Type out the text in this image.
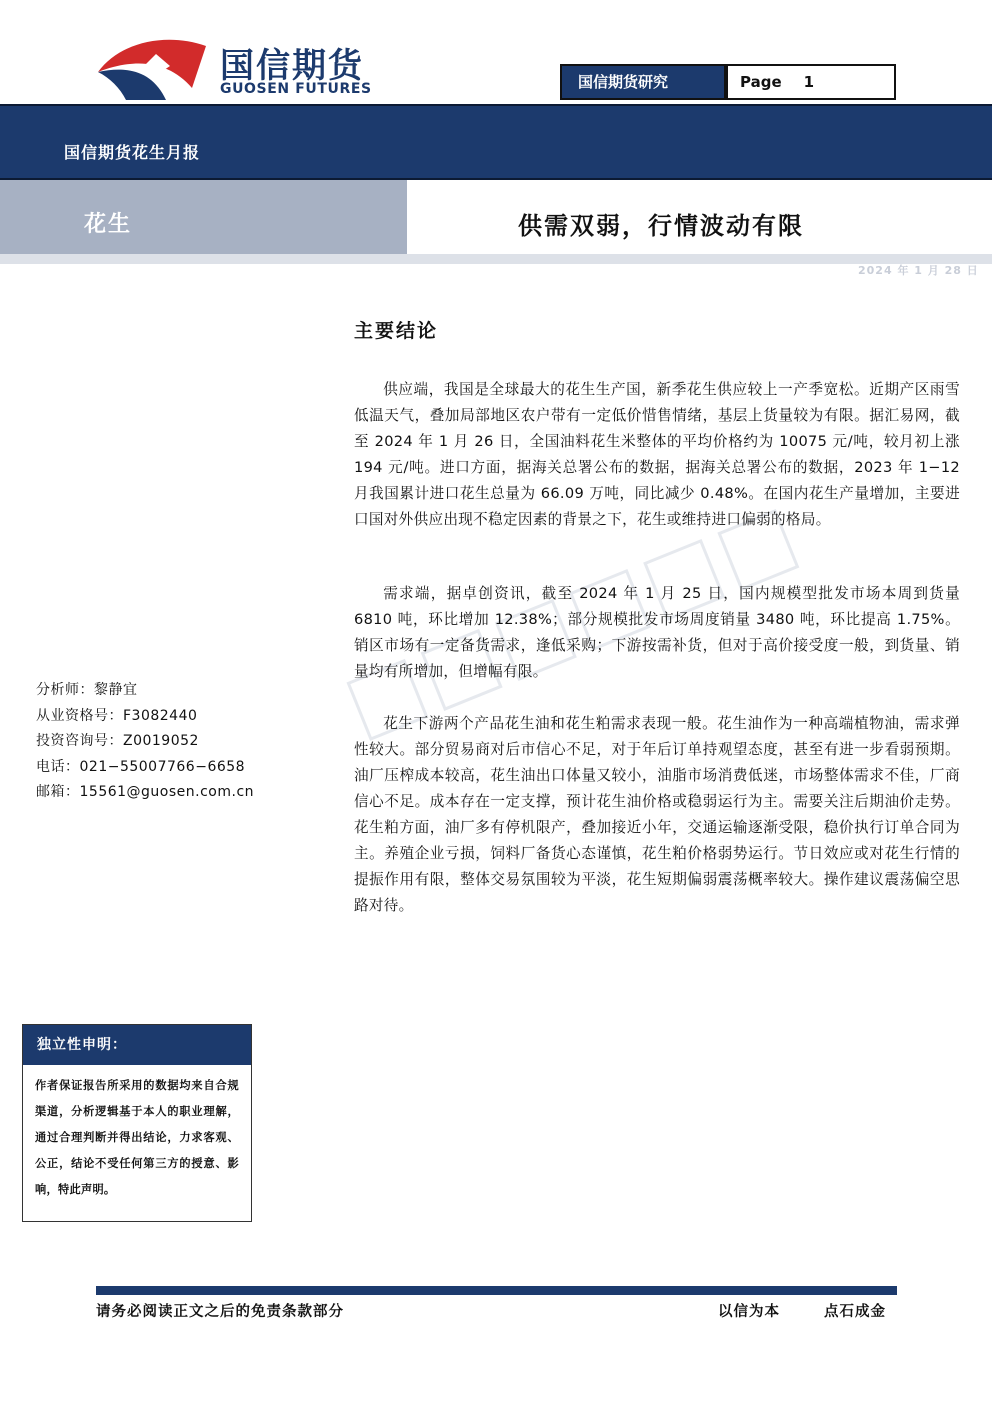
国信期货
GUOSEN FUTURES	国信期货研究	Page 1
国信期货花生月报
花生	供需双弱，行情波动有限
2024 年 1 月 28 日
主要结论

供应端，我国是全球最大的花生生产国，新季花生供应较上一产季宽松。近期产区雨雪低温天气，叠加局部地区农户带有一定低价惜售情绪，基层上货量较为有限。据汇易网，截至 2024 年 1 月 26 日，全国油料花生米整体的平均价格约为 10075 元/吨，较月初上涨 194 元/吨。进口方面，据海关总署公布的数据，据海关总署公布的数据，2023 年 1−12 月我国累计进口花生总量为 66.09 万吨，同比减少 0.48%。在国内花生产量增加，主要进口国对外供应出现不稳定因素的背景之下，花生或维持进口偏弱的格局。

需求端，据卓创资讯，截至 2024 年 1 月 25 日，国内规模型批发市场本周到货量 6810 吨，环比增加 12.38%；部分规模批发市场周度销量 3480 吨，环比提高 1.75%。销区市场有一定备货需求，逢低采购；下游按需补货，但对于高价接受度一般，到货量、销量均有所增加，但增幅有限。

花生下游两个产品花生油和花生粕需求表现一般。花生油作为一种高端植物油，需求弹性较大。部分贸易商对后市信心不足，对于年后订单持观望态度，甚至有进一步看弱预期。油厂压榨成本较高，花生油出口体量又较小，油脂市场消费低迷，市场整体需求不佳，厂商信心不足。成本存在一定支撑，预计花生油价格或稳弱运行为主。需要关注后期油价走势。花生粕方面，油厂多有停机限产，叠加接近小年，交通运输逐渐受限，稳价执行订单合同为主。养殖企业亏损，饲料厂备货心态谨慎，花生粕价格弱势运行。节日效应或对花生行情的提振作用有限，整体交易氛围较为平淡，花生短期偏弱震荡概率较大。操作建议震荡偏空思路对待。

分析师：黎静宜
从业资格号：F3082440
投资咨询号：Z0019052
电话：021−55007766−6658
邮箱：15561@guosen.com.cn
独立性申明：
作者保证报告所采用的数据均来自合规渠道，分析逻辑基于本人的职业理解，通过合理判断并得出结论，力求客观、公正，结论不受任何第三方的授意、影响，特此声明。
请务必阅读正文之后的免责条款部分	以信为本	点石成金
